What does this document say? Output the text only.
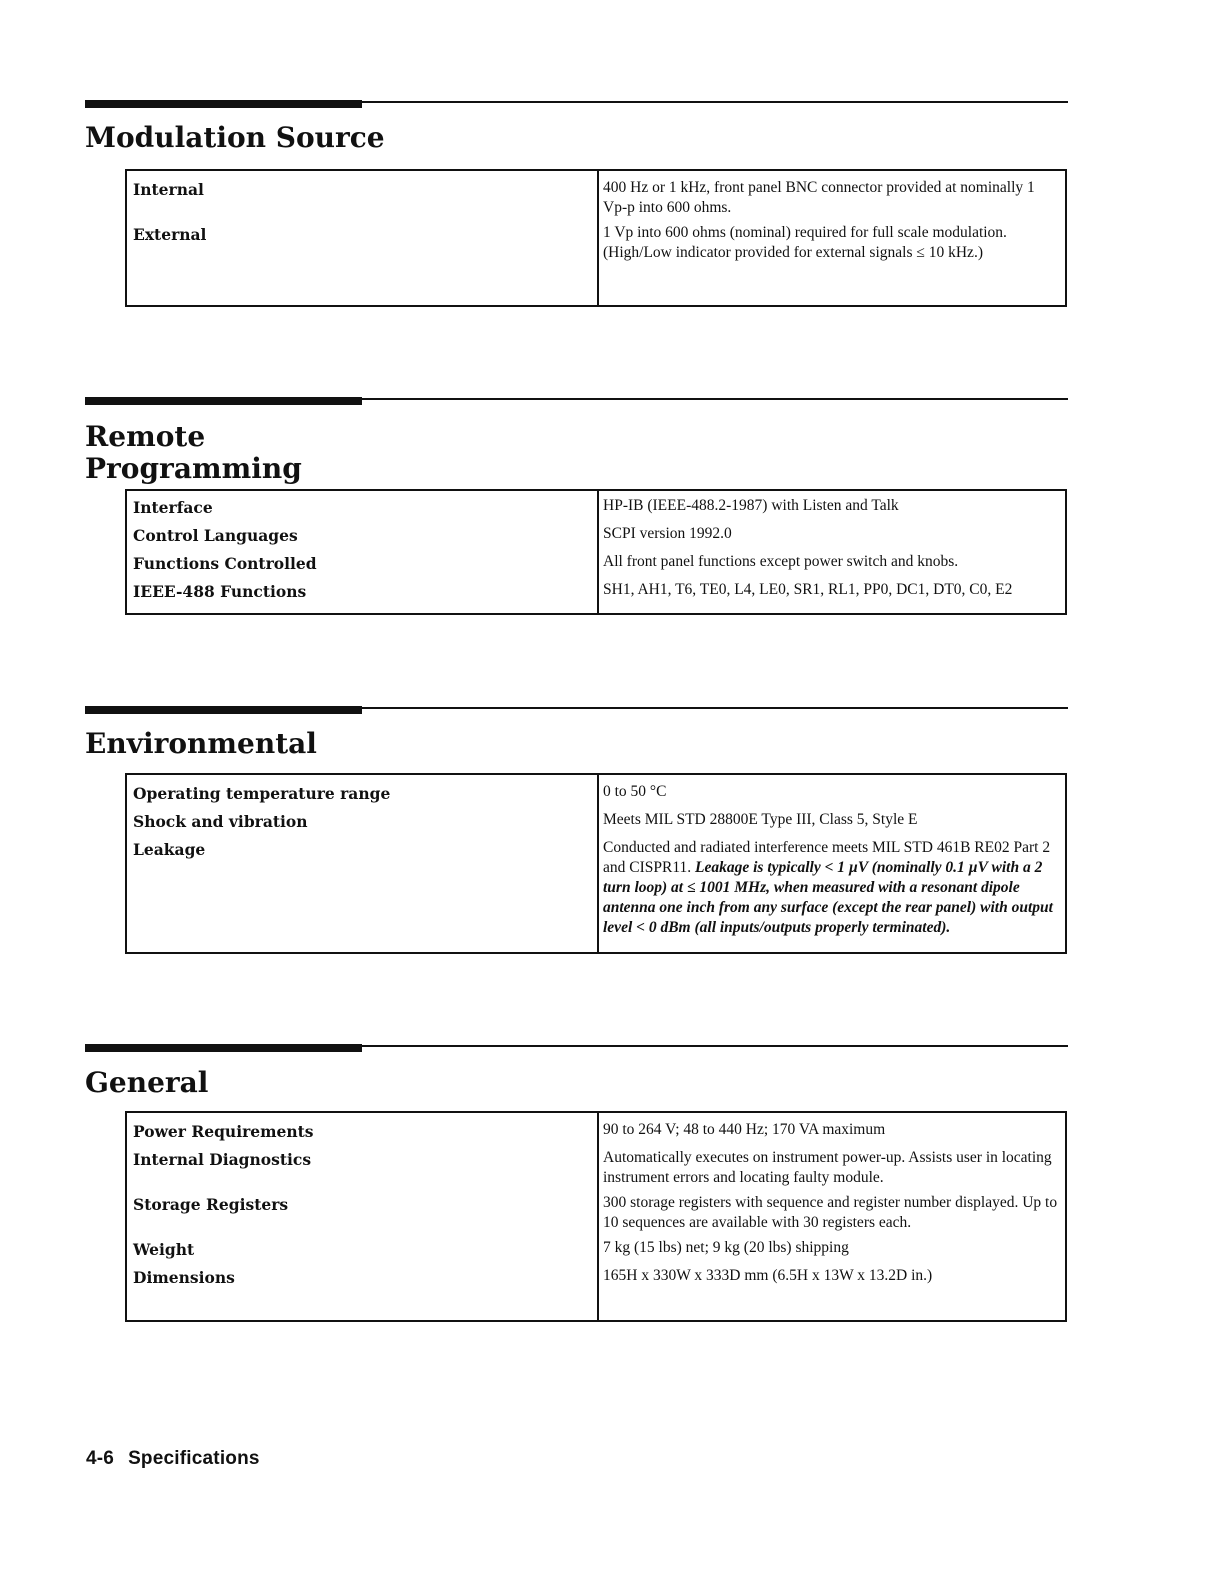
Modulation Source
Internal	400 Hz or 1 kHz, front panel BNC connector provided at nominally 1 Vp-p into 600 ohms.
External	1 Vp into 600 ohms (nominal) required for full scale modulation. (High/Low indicator provided for external signals ≤ 10 kHz.)
Remote
Programming
Interface	HP-IB (IEEE-488.2-1987) with Listen and Talk
Control Languages	SCPI version 1992.0
Functions Controlled	All front panel functions except power switch and knobs.
IEEE-488 Functions	SH1, AH1, T6, TE0, L4, LE0, SR1, RL1, PP0, DC1, DT0, C0, E2
Environmental
Operating temperature range	0 to 50 °C
Shock and vibration	Meets MIL STD 28800E Type III, Class 5, Style E
Leakage	Conducted and radiated interference meets MIL STD 461B RE02 Part 2 and CISPR11. Leakage is typically < 1 µV (nominally 0.1 µV with a 2 turn loop) at ≤ 1001 MHz, when measured with a resonant dipole antenna one inch from any surface (except the rear panel) with output level < 0 dBm (all inputs/outputs properly terminated).
General
Power Requirements	90 to 264 V; 48 to 440 Hz; 170 VA maximum
Internal Diagnostics	Automatically executes on instrument power-up. Assists user in locating instrument errors and locating faulty module.
Storage Registers	300 storage registers with sequence and register number displayed. Up to 10 sequences are available with 30 registers each.
Weight	7 kg (15 lbs) net; 9 kg (20 lbs) shipping
Dimensions	165H x 330W x 333D mm (6.5H x 13W x 13.2D in.)
4-6 Specifications
